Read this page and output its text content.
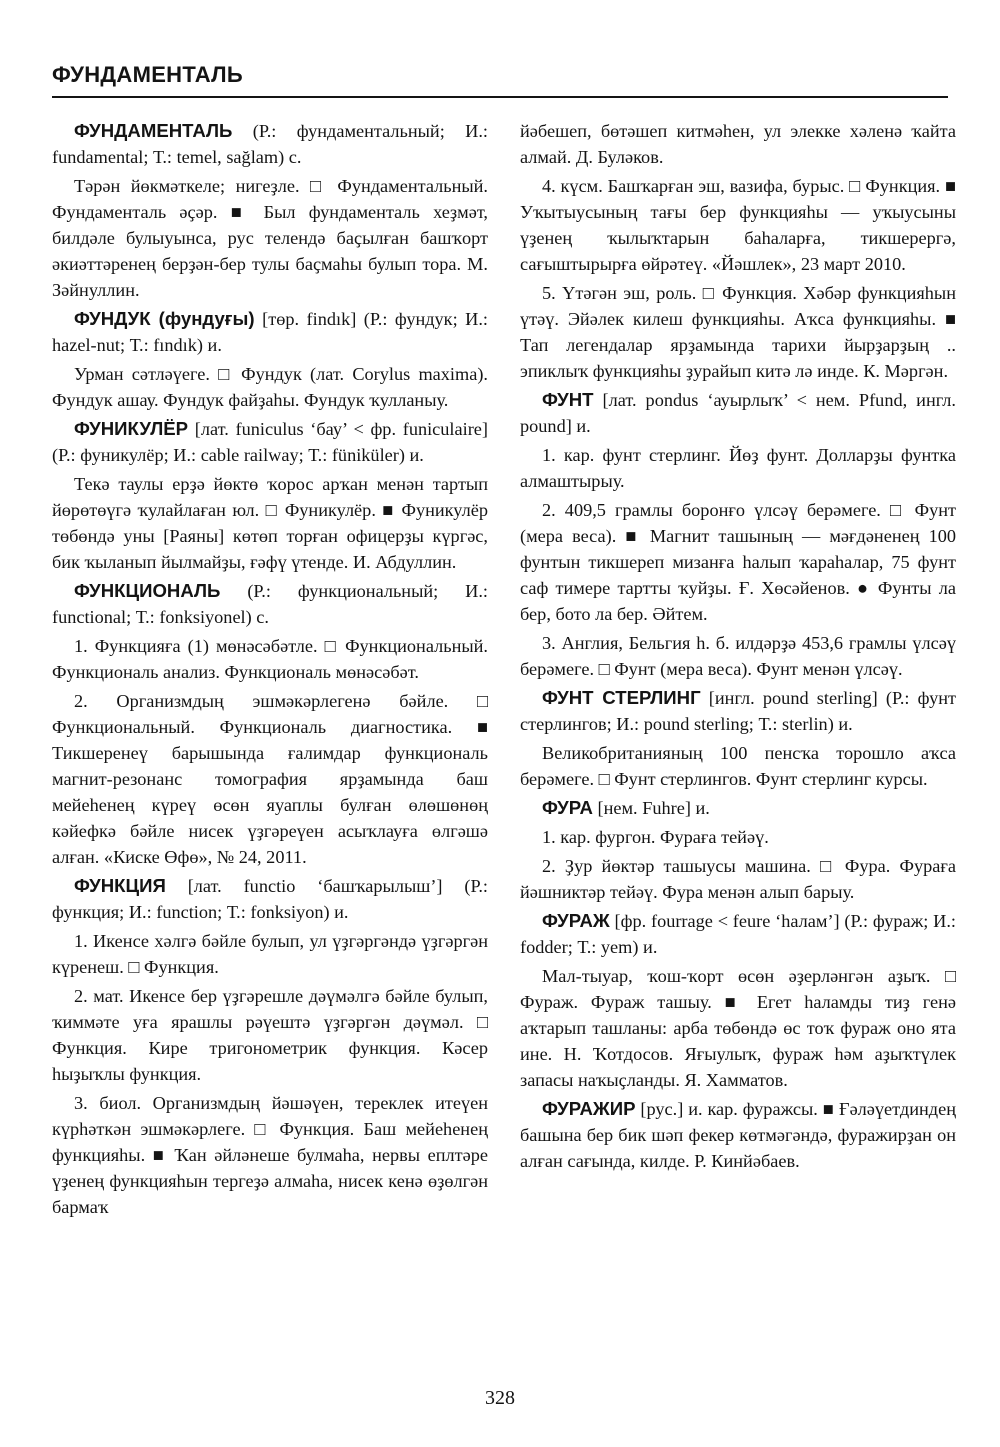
ФУНДАМЕНТАЛЬ

ФУНДАМЕНТАЛЬ (Р.: фундаментальный; И.: fundamental; Т.: temel, sağlam) с.

Тәрән йөкмәткеле; нигеҙле. □ Фундаментальный. Фундаменталь әҫәр. ■ Был фундаменталь хеҙмәт, билдәле булыуынса, рус телендә баҫылған башҡорт әкиәттәренең берҙән-бер тулы баҫмаһы булып тора. М. Зәйнуллин.

ФУНДУК (фундуғы) [төр. findık] (Р.: фундук; И.: hazel-nut; Т.: fındık) и.

Урман сәтләүеге. □ Фундук (лат. Corylus maxima). Фундук ашау. Фундук файҙаһы. Фундук ҡулланыу.

ФУНИКУЛЁР [лат. funiculus ‘бау’ < фр. funiculaire] (Р.: фуникулёр; И.: cable railway; Т.: füniküler) и.

Текә таулы ерҙә йөктө ҡорос арҡан менән тартып йөрөтөүгә ҡулайлаған юл. □ Фуникулёр. ■ Фуникулёр төбөндә уны [Раяны] көтөп торған офицерҙы күргәс, бик ҡыланып йылмайҙы, ғәфү үтенде. И. Абдуллин.

ФУНКЦИОНАЛЬ (Р.: функциональный; И.: functional; Т.: fonksiyonel) с.

1. Функцияға (1) мөнәсәбәтле. □ Функциональный. Функциональ анализ. Функциональ мөнәсәбәт.

2. Организмдың эшмәкәрлегенә бәйле. □ Функциональный. Функциональ диагностика. ■ Тикшеренеү барышында ғалимдар функциональ магнит-резонанс томография ярҙамында баш мейеһенең күреү өсөн яуаплы булған өлөшөнөң кәйефкә бәйле нисек үҙгәреүен асыҡлауға өлгәшә алған. «Киске Өфө», № 24, 2011.

ФУНКЦИЯ [лат. functio ‘башҡарылыш’] (Р.: функция; И.: function; Т.: fonksiyon) и.

1. Икенсе хәлгә бәйле булып, ул үҙгәргәндә үҙгәргән күренеш. □ Функция.

2. мат. Икенсе бер үҙгәрешле дәүмәлгә бәйле булып, ҡиммәте уға ярашлы рәүештә үҙгәргән дәүмәл. □ Функция. Кире тригонометрик функция. Кәсер һыҙыҡлы функция.

3. биол. Организмдың йәшәүен, тереклек итеүен күрһәткән эшмәкәрлеге. □ Функция. Баш мейеһенең функцияһы. ■ Ҡан әйләнеше булмаһа, нервы еплтәре үҙенең функцияһын тергеҙә алмаһа, нисек кенә өҙөлгән бармаҡ

йәбешеп, бөтәшеп китмәһен, ул элекке хәленә ҡайта алмай. Д. Буләков.

4. күсм. Башҡарған эш, вазифа, бурыс. □ Функция. ■ Уҡытыусының тағы бер функцияһы — уҡыусыны үҙенең ҡылыҡтарын баһаларға, тикшерергә, сағыштырырға өйрәтеү. «Йәшлек», 23 март 2010.

5. Үтәгән эш, роль. □ Функция. Хәбәр функцияһын үтәү. Эйәлек килеш функцияһы. Аҡса функцияһы. ■ Тап легендалар ярҙамында тарихи йырҙарҙың .. эпиклыҡ функцияһы ҙурайып китә лә инде. К. Мәргән.

ФУНТ [лат. pondus ‘ауырлыҡ’ < нем. Pfund, ингл. pound] и.

1. кар. фунт стерлинг. Йөҙ фунт. Долларҙы фунтка алмаштырыу.

2. 409,5 грамлы боронғо үлсәү берәмеге. □ Фунт (мера веса). ■ Магнит ташының — мәғдәненең 100 фунтын тикшереп мизанға һалып ҡараһалар, 75 фунт саф тимере тартты ҡуйҙы. Ғ. Хөсәйенов. ● Фунты ла бер, бото ла бер. Әйтем.

3. Англия, Бельгия һ. б. илдәрҙә 453,6 грамлы үлсәү берәмеге. □ Фунт (мера веса). Фунт менән үлсәү.

ФУНТ СТЕРЛИНГ [ингл. pound sterling] (Р.: фунт стерлингов; И.: pound sterling; Т.: sterlin) и.

Великобританияның 100 пенсҡа торошло аҡса берәмеге. □ Фунт стерлингов. Фунт стерлинг курсы.

ФУРА [нем. Fuhre] и.

1. кар. фургон. Фураға тейәү.

2. Ҙур йөктәр ташыусы машина. □ Фура. Фураға йәшниктәр тейәү. Фура менән алып барыу.

ФУРАЖ [фр. fourrage < feure ‘һалам’] (Р.: фураж; И.: fodder; Т.: yem) и.

Мал-тыуар, ҡош-ҡорт өсөн әҙерләнгән аҙыҡ. □ Фураж. Фураж ташыу. ■ Егет һаламды тиҙ генә аҡтарып ташланы: арба төбөндә өс тоҡ фураж оно ята ине. Н. Ҡотдосов. Яғыулыҡ, фураж һәм аҙыҡтүлек запасы наҡыҫланды. Я. Хамматов.

ФУРАЖИР [рус.] и. кар. фуражсы. ■ Ғәләүетдиндең башына бер бик шәп фекер көтмәгәндә, фуражирҙан он алған сағында, килде. Р. Кинйәбаев.

328
